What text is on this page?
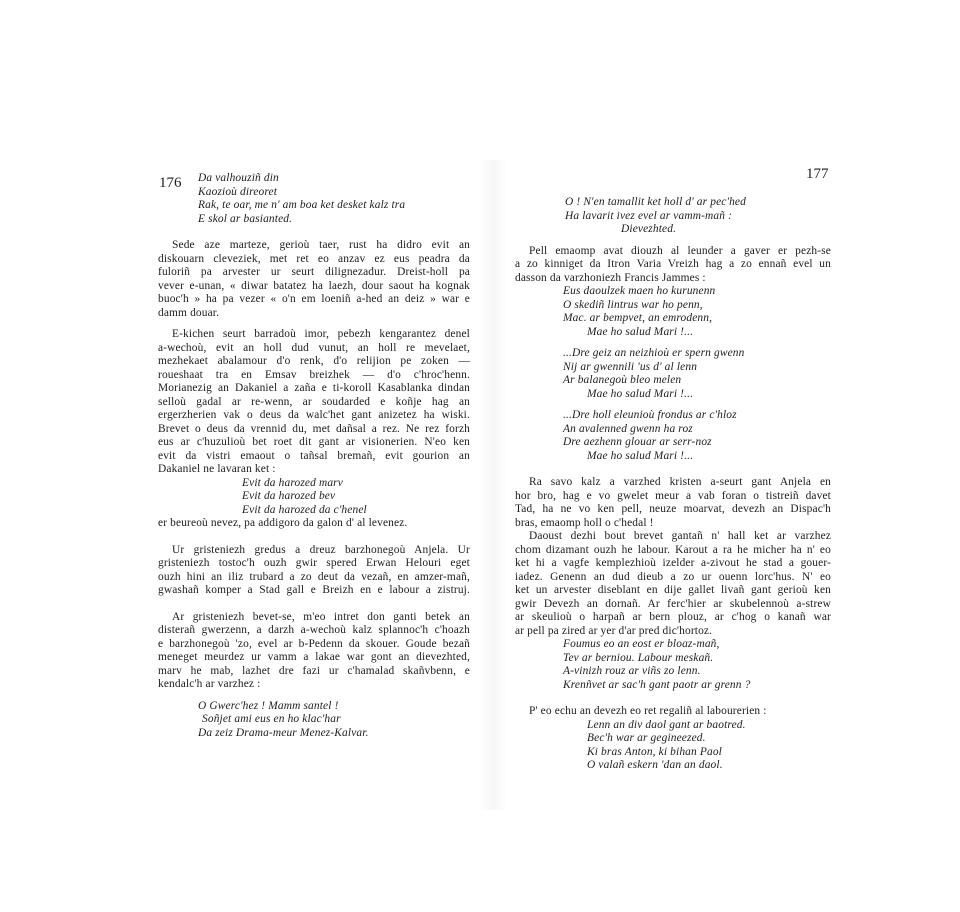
176 Da valhouziñ din
Kaozioù direoret
Rak, te oar, me n' am boa ket desket kalz tra
E skol ar basianted.
Sede aze marteze, gerioù taer, rust ha didro evit an
diskouarn cleveziek, met ret eo anzav ez eus peadra da
fuloriñ pa arvester ur seurt dilignezadur. Dreist-holl pa
vever e-unan, « diwar batatez ha laezh, dour saout ha kognak
buoc'h » ha pa vezer « o'n em loeniñ a-hed an deiz » war e
damm douar.
E-kichen seurt barradoù imor, pebezh kengarantez denel
a-wechoù, evit an holl dud vunut, an holl re mevelaet,
mezhekaet abalamour d'o renk, d'o relijion pe zoken —
roueshaat tra en Emsav breizhek — d'o c'hroc'henn.
Morianezig an Dakaniel a zaña e ti-koroll Kasablanka dindan
selloù gadal ar re-wenn, ar soudarded e koñje hag an
ergerzherien vak o deus da walc'het gant anizetez ha wiski.
Brevet o deus da vrennid du, met dañsal a rez. Ne rez forzh
eus ar c'huzulioù bet roet dit gant ar visionerien. N'eo ken
evit da vistri emaout o tañsal bremañ, evit gourion an
Dakaniel ne lavaran ket :
Evit da harozed marv
Evit da harozed bev
Evit da harozed da c'henel
er beureoù nevez, pa addigoro da galon d' al levenez.
Ur gristeniezh gredus a dreuz barzhonegoù Anjela. Ur
gristeniezh tostoc'h ouzh gwir spered Erwan Helouri eget
ouzh hini an iliz trubard a zo deut da vezañ, en amzer-mañ,
gwashañ komper a Stad gall e Breizh en e labour a zistruj.
Ar gristeniezh bevet-se, m'eo intret don ganti betek an
disterañ gwerzenn, a darzh a-wechoù kalz splannoc'h c'hoazh
e barzhonegoù 'zo, evel ar b-Pedenn da skouer. Goude bezañ
meneget meurdez ur vamm a lakae war gont an dievezhted,
marv he mab, lazhet dre fazi ur c'hamalad skañvbenn, e
kendalc'h ar varzhez :
O Gwerc'hez ! Mamm santel !
Soñjet ami eus en ho klac'har
Da zeiz Drama-meur Menez-Kalvar.
177
O ! N'en tamallit ket holl d' ar pec'hed
Ha lavarit ivez evel ar vamm-mañ :
Dievezhted.
Pell emaomp avat diouzh al leunder a gaver er pezh-se
a zo kinniget da Itron Varia Vreizh hag a zo ennañ evel un
dasson da varzhoniezh Francis Jammes :
Eus daoulzek maen ho kurunenn
O skediñ lintrus war ho penn,
Mac. ar bempvet, an emrodenn,
Mae ho salud Mari !...
...Dre geiz an neizhioù er spern gwenn
Nij ar gwennili 'us d' al lenn
Ar balanegoù bleo melen
Mae ho salud Mari !...
...Dre holl eleunioù frondus ar c'hloz
An avalenned gwenn ha roz
Dre aezhenn glouar ar serr-noz
Mae ho salud Mari !...
Ra savo kalz a varzhed kristen a-seurt gant Anjela en
hor bro, hag e vo gwelet meur a vab foran o tistreiñ davet
Tad, ha ne vo ken pell, neuze moarvat, devezh an Dispac'h
bras, emaomp holl o c'hedal !
Daoust dezhi bout brevet gantañ n' hall ket ar varzhez
chom dizamant ouzh he labour. Karout a ra he micher ha n' eo
ket hi a vagfe kemplezhioù izelder a-zivout he stad a gouer-
iadez. Genenn an dud dieub a zo ur ouenn lorc'hus. N' eo
ket un arvester diseblant en dije gallet livañ gant gerioù ken
gwir Devezh an dornañ. Ar ferc'hier ar skubelennoù a-strew
ar skeulioù o harpañ ar bern plouz, ar c'hog o kanañ war
ar pell pa zired ar yer d'ar pred dic'hortoz.
Foumus eo an eost er bloaz-mañ,
Tev ar berniou. Labour meskañ.
A-vinizh rouz ar viñs zo lenn.
Krenñvet ar sac'h gant paotr ar grenn ?
P' eo echu an devezh eo ret regaliñ al labourerien :
Lenn an div daol gant ar baotred.
Bec'h war ar gegineezed.
Ki bras Anton, ki bihan Paol
O valañ eskern 'dan an daol.
